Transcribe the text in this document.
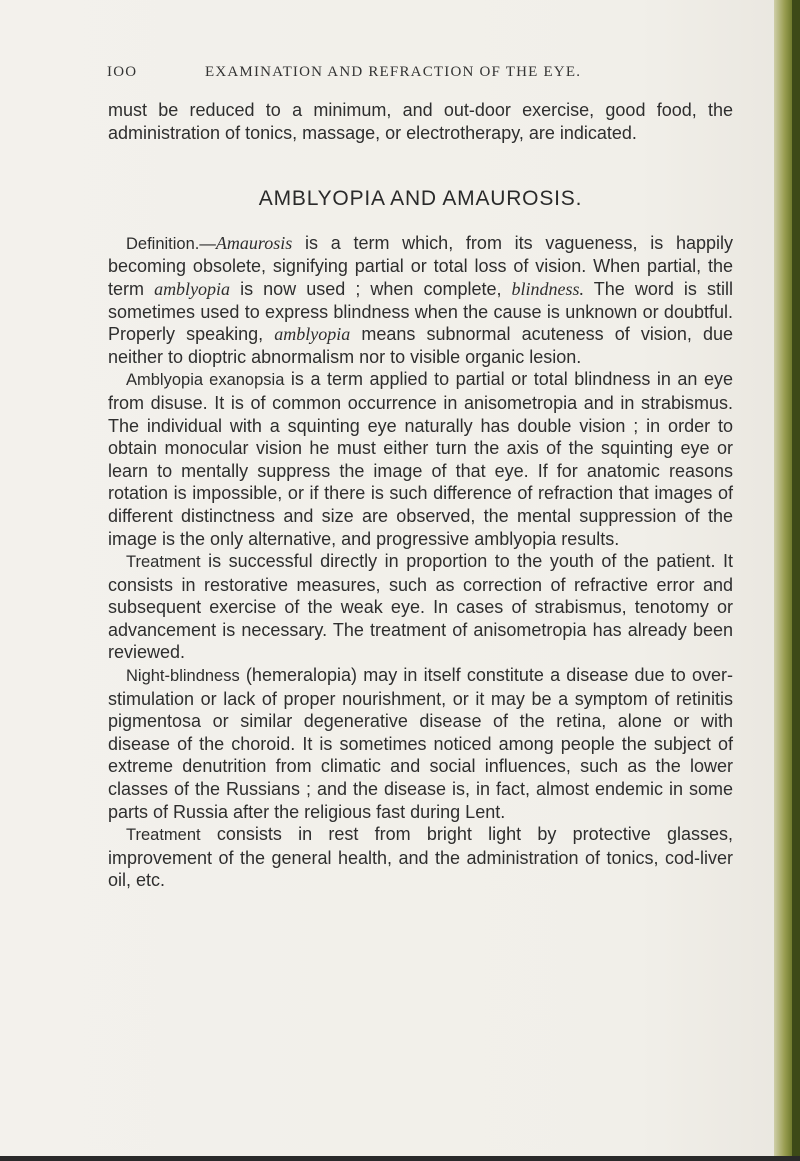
IOO	EXAMINATION AND REFRACTION OF THE EYE.

must be reduced to a minimum, and out-door exercise, good food, the administration of tonics, massage, or electrotherapy, are indicated.

AMBLYOPIA AND AMAUROSIS.

Definition.—Amaurosis is a term which, from its vagueness, is happily becoming obsolete, signifying partial or total loss of vision. When partial, the term amblyopia is now used ; when complete, blindness. The word is still sometimes used to express blindness when the cause is unknown or doubtful. Properly speaking, amblyopia means subnormal acuteness of vision, due neither to dioptric abnormalism nor to visible organic lesion.

Amblyopia exanopsia is a term applied to partial or total blindness in an eye from disuse. It is of common occurrence in anisometropia and in strabismus. The individual with a squinting eye naturally has double vision ; in order to obtain monocular vision he must either turn the axis of the squinting eye or learn to mentally suppress the image of that eye. If for anatomic reasons rotation is impossible, or if there is such difference of refraction that images of different distinctness and size are observed, the mental suppression of the image is the only alternative, and progressive amblyopia results.

Treatment is successful directly in proportion to the youth of the patient. It consists in restorative measures, such as correction of refractive error and subsequent exercise of the weak eye. In cases of strabismus, tenotomy or advancement is necessary. The treatment of anisometropia has already been reviewed.

Night-blindness (hemeralopia) may in itself constitute a disease due to over-stimulation or lack of proper nourishment, or it may be a symptom of retinitis pigmentosa or similar degenerative disease of the retina, alone or with disease of the choroid. It is sometimes noticed among people the subject of extreme denutrition from climatic and social influences, such as the lower classes of the Russians ; and the disease is, in fact, almost endemic in some parts of Russia after the religious fast during Lent.

Treatment consists in rest from bright light by protective glasses, improvement of the general health, and the administration of tonics, cod-liver oil, etc.
